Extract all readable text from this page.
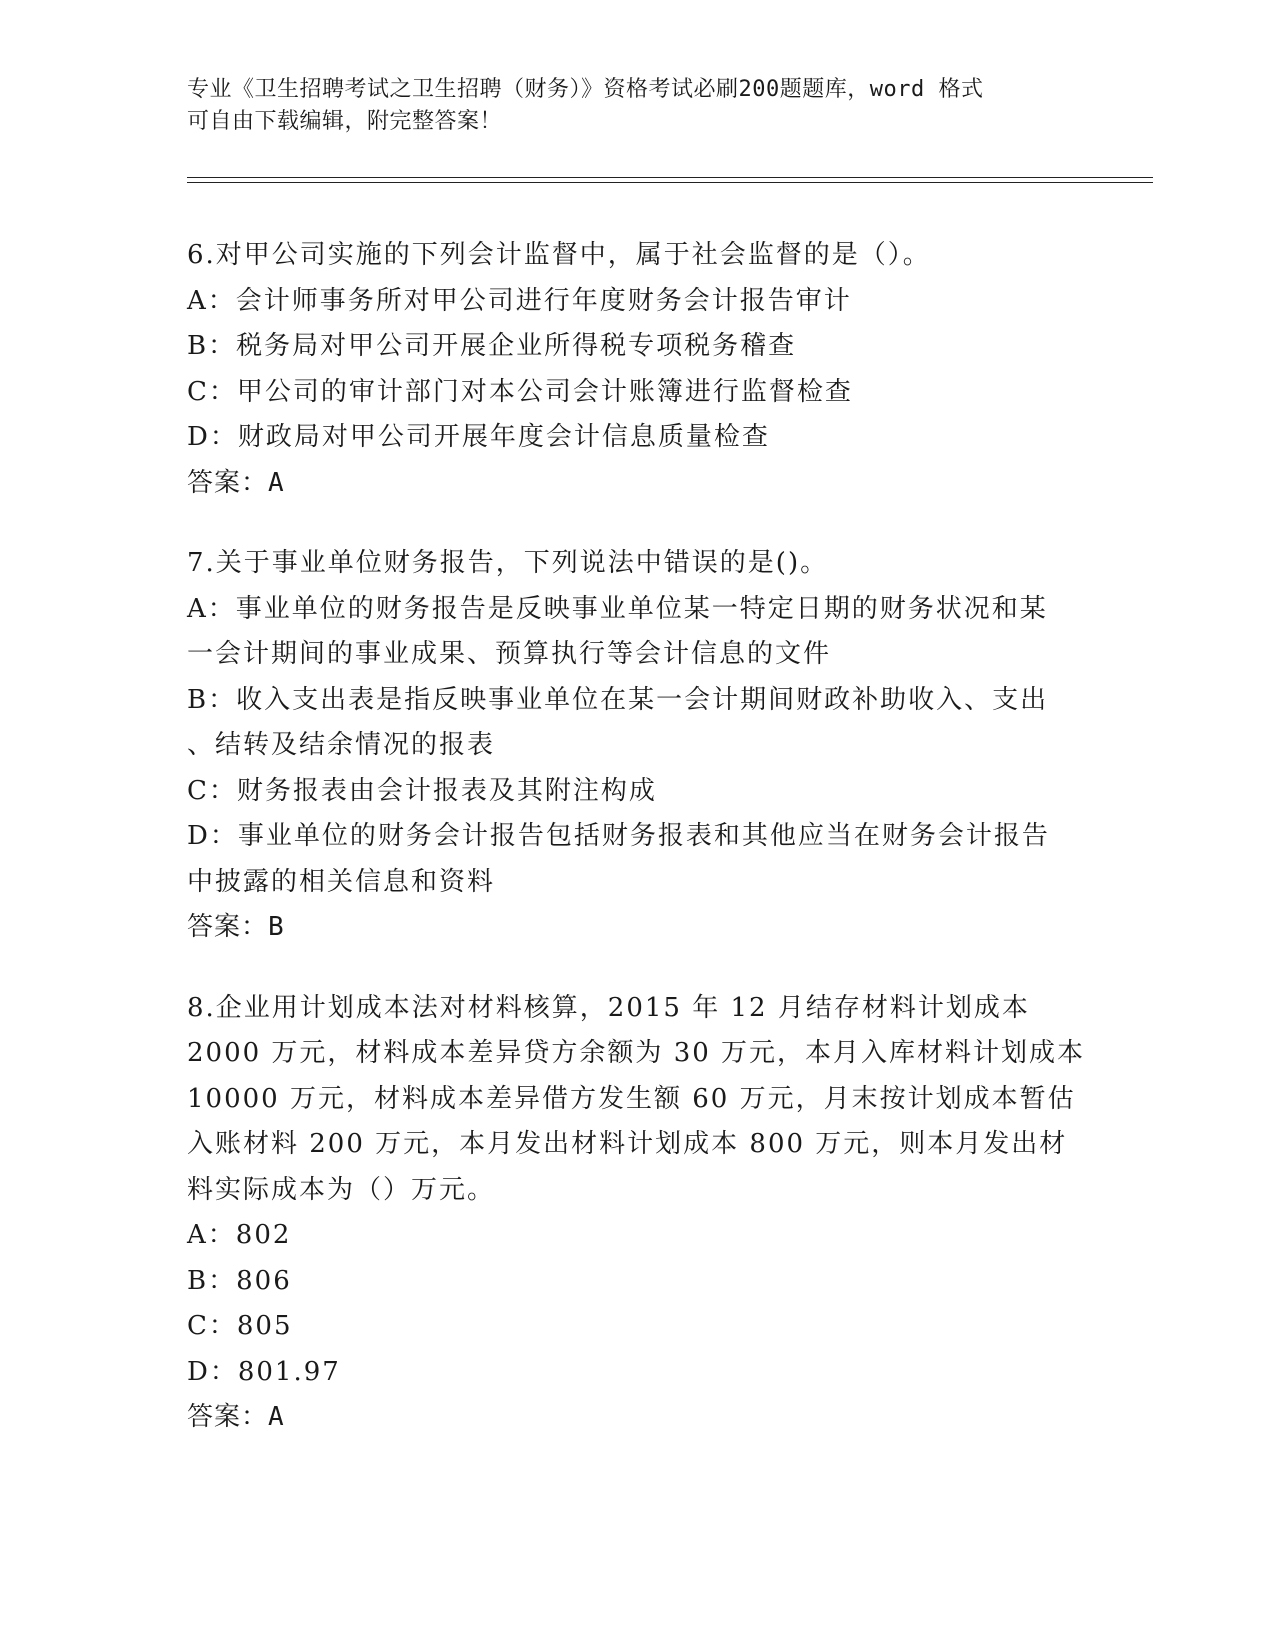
专业《卫生招聘考试之卫生招聘（财务）》资格考试必刷200题题库，word 格式
可自由下载编辑，附完整答案！
6.对甲公司实施的下列会计监督中，属于社会监督的是（）。
A：会计师事务所对甲公司进行年度财务会计报告审计
B：税务局对甲公司开展企业所得税专项税务稽查
C：甲公司的审计部门对本公司会计账簿进行监督检查
D：财政局对甲公司开展年度会计信息质量检查
答案：A
7.关于事业单位财务报告，下列说法中错误的是()。
A：事业单位的财务报告是反映事业单位某一特定日期的财务状况和某
一会计期间的事业成果、预算执行等会计信息的文件
B：收入支出表是指反映事业单位在某一会计期间财政补助收入、支出
、结转及结余情况的报表
C：财务报表由会计报表及其附注构成
D：事业单位的财务会计报告包括财务报表和其他应当在财务会计报告
中披露的相关信息和资料
答案：B
8.企业用计划成本法对材料核算，2015 年 12 月结存材料计划成本
2000 万元，材料成本差异贷方余额为 30 万元，本月入库材料计划成本
10000 万元，材料成本差异借方发生额 60 万元，月末按计划成本暂估
入账材料 200 万元，本月发出材料计划成本 800 万元，则本月发出材
料实际成本为（）万元。
A：802
B：806
C：805
D：801.97
答案：A
